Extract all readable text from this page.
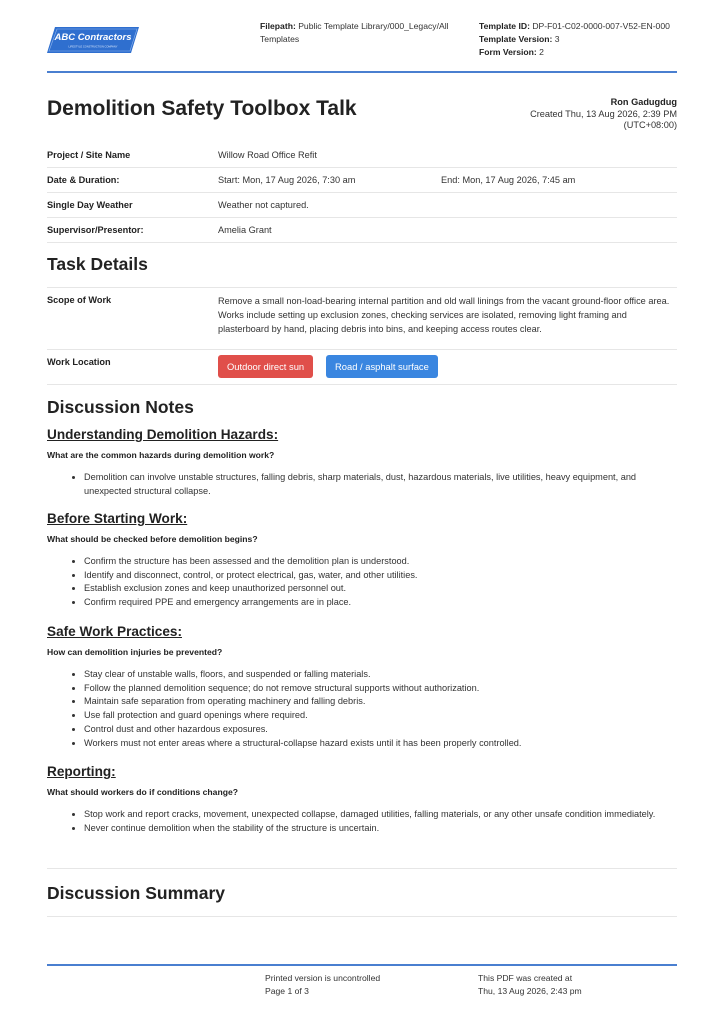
ABC Contractors
LIFESTYLE CONSTRUCTION COMPANY
Filepath: Public Template Library/000_Legacy/All
Templates
Template ID: DP-F01-C02-0000-007-V52-EN-000
Template Version: 3
Form Version: 2
Demolition Safety Toolbox Talk	Ron Gadugdug
Created Thu, 13 Aug 2026, 2:39 PM
(UTC+08:00)
Project / Site Name	Willow Road Office Refit
Date & Duration:	Start: Mon, 17 Aug 2026, 7:30 am	End: Mon, 17 Aug 2026, 7:45 am
Single Day Weather	Weather not captured.
Supervisor/Presentor:	Amelia Grant
Task Details
Scope of Work	Remove a small non-load-bearing internal partition and old wall linings from the vacant ground-floor office area. Works include setting up exclusion zones, checking services are isolated, removing light framing and plasterboard by hand, placing debris into bins, and keeping access routes clear.
Work Location	Outdoor direct sun	Road / asphalt surface
Discussion Notes
Understanding Demolition Hazards:

What are the common hazards during demolition work?

• Demolition can involve unstable structures, falling debris, sharp materials, dust, hazardous materials, live utilities, heavy equipment, and unexpected structural collapse.
Before Starting Work:

What should be checked before demolition begins?

• Confirm the structure has been assessed and the demolition plan is understood.
• Identify and disconnect, control, or protect electrical, gas, water, and other utilities.
• Establish exclusion zones and keep unauthorized personnel out.
• Confirm required PPE and emergency arrangements are in place.
Safe Work Practices:

How can demolition injuries be prevented?

• Stay clear of unstable walls, floors, and suspended or falling materials.
• Follow the planned demolition sequence; do not remove structural supports without authorization.
• Maintain safe separation from operating machinery and falling debris.
• Use fall protection and guard openings where required.
• Control dust and other hazardous exposures.
• Workers must not enter areas where a structural-collapse hazard exists until it has been properly controlled.
Reporting:

What should workers do if conditions change?

• Stop work and report cracks, movement, unexpected collapse, damaged utilities, falling materials, or any other unsafe condition immediately.
• Never continue demolition when the stability of the structure is uncertain.
Discussion Summary
Printed version is uncontrolled
Page 1 of 3
This PDF was created at
Thu, 13 Aug 2026, 2:43 pm
